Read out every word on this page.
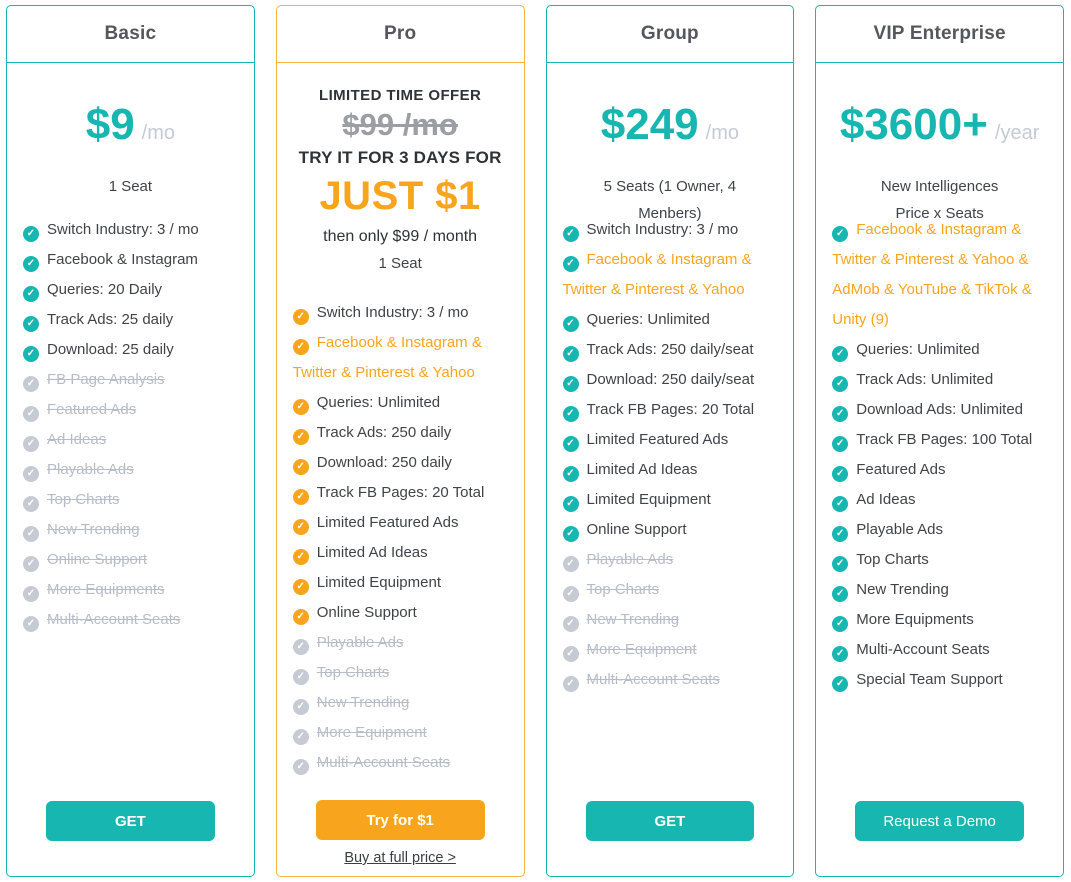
Basic
$9 /mo
1 Seat
✓ Switch Industry: 3 / mo
✓ Facebook & Instagram
✓ Queries: 20 Daily
✓ Track Ads: 25 daily
✓ Download: 25 daily
✓ FB Page Analysis
✓ Featured Ads
✓ Ad Ideas
✓ Playable Ads
✓ Top Charts
✓ New Trending
✓ Online Support
✓ More Equipments
✓ Multi-Account Seats
GET
Pro
LIMITED TIME OFFER
$99 /mo
TRY IT FOR 3 DAYS FOR
JUST $1
then only $99 / month
1 Seat
✓ Switch Industry: 3 / mo
✓ Facebook & Instagram & Twitter & Pinterest & Yahoo
✓ Queries: Unlimited
✓ Track Ads: 250 daily
✓ Download: 250 daily
✓ Track FB Pages: 20 Total
✓ Limited Featured Ads
✓ Limited Ad Ideas
✓ Limited Equipment
✓ Online Support
✓ Playable Ads
✓ Top Charts
✓ New Trending
✓ More Equipment
✓ Multi-Account Seats
Try for $1
Buy at full price >
Group
$249 /mo
5 Seats (1 Owner, 4
Menbers)
✓ Switch Industry: 3 / mo
✓ Facebook & Instagram & Twitter & Pinterest & Yahoo
✓ Queries: Unlimited
✓ Track Ads: 250 daily/seat
✓ Download: 250 daily/seat
✓ Track FB Pages: 20 Total
✓ Limited Featured Ads
✓ Limited Ad Ideas
✓ Limited Equipment
✓ Online Support
✓ Playable Ads
✓ Top Charts
✓ New Trending
✓ More Equipment
✓ Multi-Account Seats
GET
VIP Enterprise
$3600+ /year
New Intelligences
Price x Seats
✓ Facebook & Instagram & Twitter & Pinterest & Yahoo & AdMob & YouTube & TikTok & Unity (9)
✓ Queries: Unlimited
✓ Track Ads: Unlimited
✓ Download Ads: Unlimited
✓ Track FB Pages: 100 Total
✓ Featured Ads
✓ Ad Ideas
✓ Playable Ads
✓ Top Charts
✓ New Trending
✓ More Equipments
✓ Multi-Account Seats
✓ Special Team Support
Request a Demo
